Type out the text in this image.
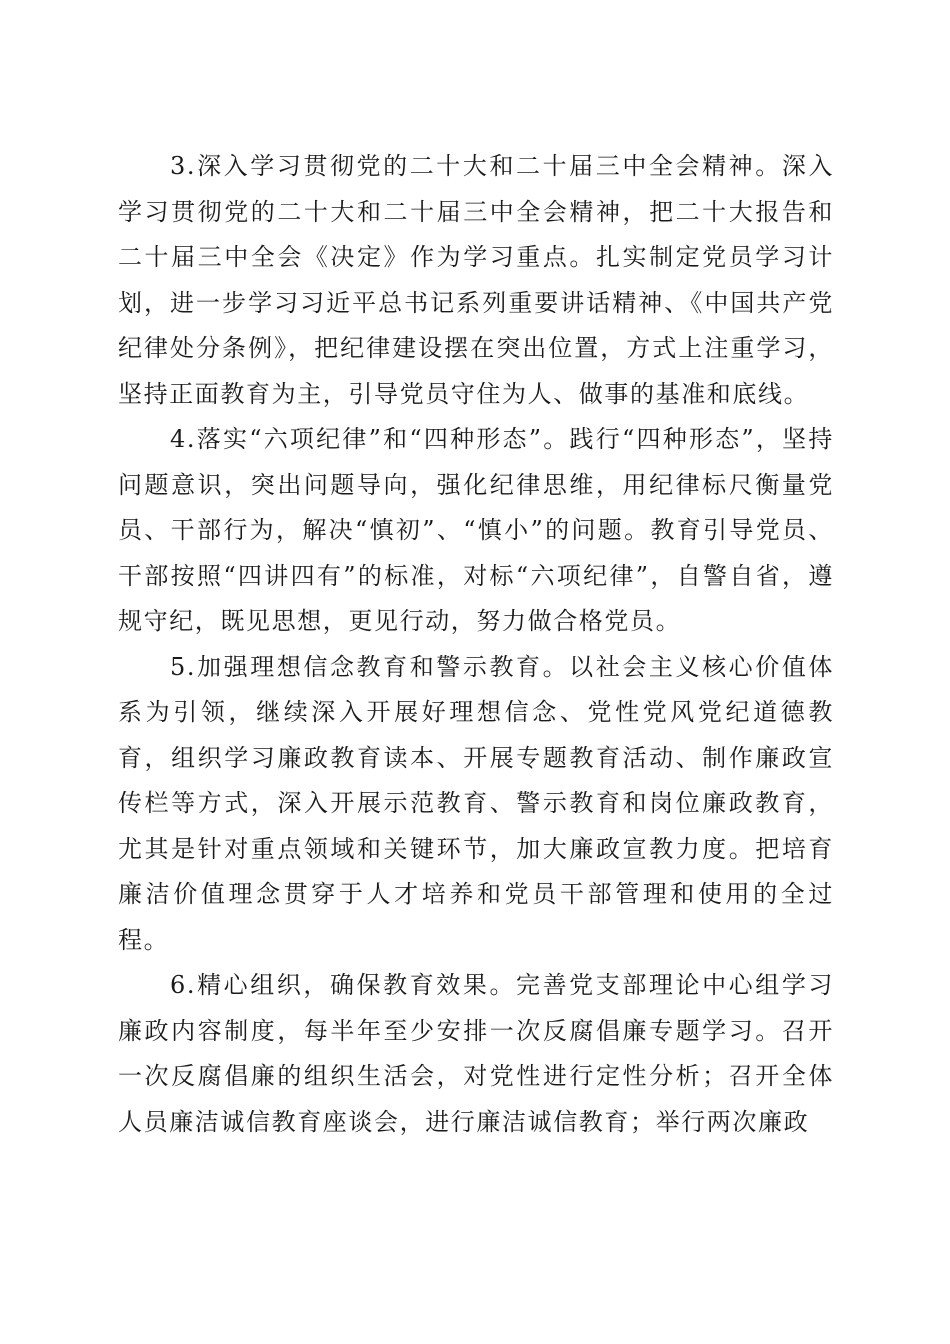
3.深入学习贯彻党的二十大和二十届三中全会精神。深入学习贯彻党的二十大和二十届三中全会精神，把二十大报告和二十届三中全会《决定》作为学习重点。扎实制定党员学习计划，进一步学习习近平总书记系列重要讲话精神、《中国共产党纪律处分条例》，把纪律建设摆在突出位置，方式上注重学习，坚持正面教育为主，引导党员守住为人、做事的基准和底线。

4.落实“六项纪律”和“四种形态”。践行“四种形态”，坚持问题意识，突出问题导向，强化纪律思维，用纪律标尺衡量党员、干部行为，解决“慎初”、“慎小”的问题。教育引导党员、干部按照“四讲四有”的标准，对标“六项纪律”，自警自省，遵规守纪，既见思想，更见行动，努力做合格党员。

5.加强理想信念教育和警示教育。以社会主义核心价值体系为引领，继续深入开展好理想信念、党性党风党纪道德教育，组织学习廉政教育读本、开展专题教育活动、制作廉政宣传栏等方式，深入开展示范教育、警示教育和岗位廉政教育，尤其是针对重点领域和关键环节，加大廉政宣教力度。把培育廉洁价值理念贯穿于人才培养和党员干部管理和使用的全过程。

6.精心组织，确保教育效果。完善党支部理论中心组学习廉政内容制度，每半年至少安排一次反腐倡廉专题学习。召开一次反腐倡廉的组织生活会，对党性进行定性分析；召开全体人员廉洁诚信教育座谈会，进行廉洁诚信教育；举行两次廉政
